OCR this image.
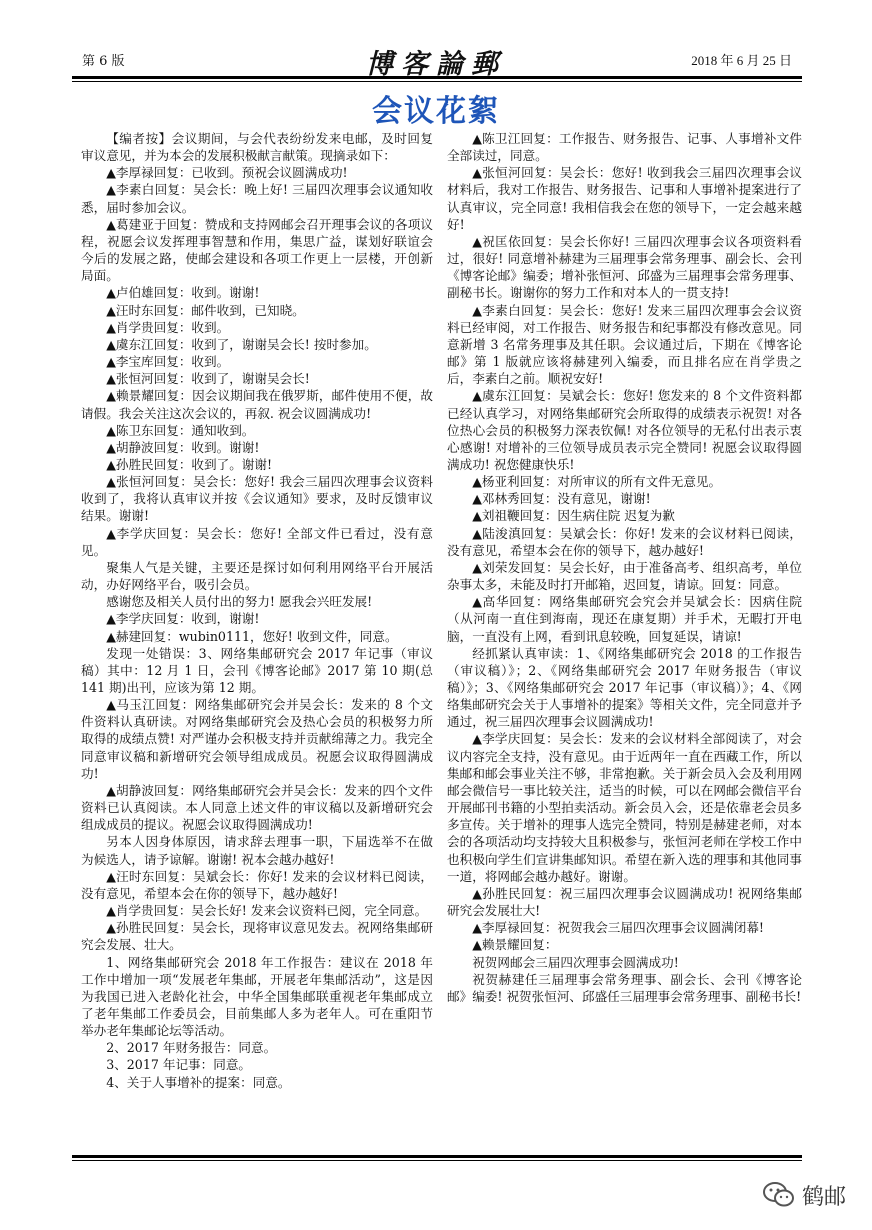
第 6 版	博客論郵	2018 年 6 月 25 日
会议花絮

【编者按】会议期间，与会代表纷纷发来电邮，及时回复审议意见，并为本会的发展积极献言献策。现摘录如下：

▲李厚禄回复：已收到。预祝会议圆满成功!

▲李素白回复：吴会长：晚上好! 三届四次理事会议通知收悉，届时参加会议。

▲葛建亚于回复：赞成和支持网邮会召开理事会议的各项议程，祝愿会议发挥理事智慧和作用，集思广益，谋划好联谊会今后的发展之路，使邮会建设和各项工作更上一层楼，开创新局面。

▲卢伯雄回复：收到。谢谢!

▲汪时东回复：邮件收到，已知晓。

▲肖学贵回复：收到。

▲虞东江回复：收到了，谢谢吴会长! 按时参加。

▲李宝库回复：收到。

▲张恒河回复：收到了，谢谢吴会长!

▲赖景耀回复：因会议期间我在俄罗斯，邮件使用不便，故请假。我会关注这次会议的，再叙. 祝会议圆满成功!

▲陈卫东回复：通知收到。

▲胡静波回复：收到。谢谢!

▲孙胜民回复：收到了。谢谢!

▲张恒河回复：吴会长：您好! 我会三届四次理事会议资料收到了，我将认真审议并按《会议通知》要求，及时反馈审议结果。谢谢!

▲李学庆回复：吴会长：您好! 全部文件已看过，没有意见。

聚集人气是关键，主要还是探讨如何利用网络平台开展活动，办好网络平台，吸引会员。

感谢您及相关人员付出的努力! 愿我会兴旺发展!

▲李学庆回复：收到，谢谢!

▲赫建回复：wubin0111，您好! 收到文件，同意。

发现一处错误：3、网络集邮研究会 2017 年记事（审议稿）其中：12 月 1 日，会刊《博客论邮》2017 第 10 期(总 141 期)出刊，应该为第 12 期。

▲马玉江回复：网络集邮研究会并吴会长：发来的 8 个文件资料认真研读。对网络集邮研究会及热心会员的积极努力所取得的成绩点赞! 对严谨办会积极支持并贡献绵薄之力。我完全同意审议稿和新增研究会领导组成成员。祝愿会议取得圆满成功!

▲胡静波回复：网络集邮研究会并吴会长：发来的四个文件资料已认真阅读。本人同意上述文件的审议稿以及新增研究会组成成员的提议。祝愿会议取得圆满成功!

另本人因身体原因，请求辞去理事一职，下届选举不在做为候选人，请予谅解。谢谢! 祝本会越办越好!

▲汪时东回复：吴斌会长：你好! 发来的会议材料已阅读，没有意见，希望本会在你的领导下，越办越好!

▲肖学贵回复：吴会长好! 发来会议资料已阅，完全同意。

▲孙胜民回复：吴会长，现将审议意见发去。祝网络集邮研究会发展、壮大。

1、网络集邮研究会 2018 年工作报告：建议在 2018 年工作中增加一项“发展老年集邮，开展老年集邮活动”，这是因为我国已进入老龄化社会，中华全国集邮联重视老年集邮成立了老年集邮工作委员会，目前集邮人多为老年人。可在重阳节举办老年集邮论坛等活动。

2、2017 年财务报告：同意。

3、2017 年记事：同意。

4、关于人事增补的提案：同意。

▲陈卫江回复：工作报告、财务报告、记事、人事增补文件全部读过，同意。

▲张恒河回复：吴会长：您好! 收到我会三届四次理事会议材料后，我对工作报告、财务报告、记事和人事增补提案进行了认真审议，完全同意! 我相信我会在您的领导下，一定会越来越好!

▲祝匡依回复：吴会长你好! 三届四次理事会议各项资料看过，很好! 同意增补赫建为三届理事会常务理事、副会长、会刊《博客论邮》编委；增补张恒河、邱盛为三届理事会常务理事、副秘书长。谢谢你的努力工作和对本人的一贯支持!

▲李素白回复：吴会长：您好! 发来三届四次理事会会议资料已经审阅，对工作报告、财务报告和纪事都没有修改意见。同意新增 3 名常务理事及其任职。会议通过后，下期在《博客论邮》第 1 版就应该将赫建列入编委，而且排名应在肖学贵之后，李素白之前。顺祝安好!

▲虞东江回复：吴斌会长：您好! 您发来的 8 个文件资料都已经认真学习，对网络集邮研究会所取得的成绩表示祝贺! 对各位热心会员的积极努力深表钦佩! 对各位领导的无私付出表示衷心感谢! 对增补的三位领导成员表示完全赞同! 祝愿会议取得圆满成功! 祝您健康快乐!

▲杨亚利回复：对所审议的所有文件无意见。

▲邓林秀回复：没有意见，谢谢!

▲刘祖鞭回复：因生病住院 迟复为歉

▲陆浚滇回复：吴斌会长：你好! 发来的会议材料已阅读，没有意见，希望本会在你的领导下，越办越好!

▲刘荣发回复：吴会长好，由于准备高考、组织高考，单位杂事太多，未能及时打开邮箱，迟回复，请谅。回复：同意。

▲高华回复：网络集邮研究会究会并吴斌会长：因病住院（从河南一直住到海南，现还在康复期）并手术，无暇打开电脑，一直没有上网，看到讯息较晚，回复延误，请谅!

经抓紧认真审读：1、《网络集邮研究会 2018 的工作报告（审议稿）》；2、《网络集邮研究会 2017 年财务报告（审议稿）》；3、《网络集邮研究会 2017 年记事（审议稿）》；4、《网络集邮研究会关于人事增补的提案》等相关文件，完全同意并予通过，祝三届四次理事会议圆满成功!

▲李学庆回复：吴会长：发来的会议材料全部阅读了，对会议内容完全支持，没有意见。由于近两年一直在西藏工作，所以集邮和邮会事业关注不够，非常抱歉。关于新会员入会及利用网邮会微信号一事比较关注，适当的时候，可以在网邮会微信平台开展邮刊书籍的小型拍卖活动。新会员入会，还是依靠老会员多多宣传。关于增补的理事人选完全赞同，特别是赫建老师，对本会的各项活动均支持较大且积极参与，张恒河老师在学校工作中也积极向学生们宣讲集邮知识。希望在新入选的理事和其他同事一道，将网邮会越办越好。谢谢。

▲孙胜民回复：祝三届四次理事会议圆满成功! 祝网络集邮研究会发展壮大!

▲李厚禄回复：祝贺我会三届四次理事会议圆满闭幕!

▲赖景耀回复：

祝贺网邮会三届四次理事会圆满成功!

祝贺赫建任三届理事会常务理事、副会长、会刊《博客论邮》编委! 祝贺张恒河、邱盛任三届理事会常务理事、副秘书长!

鹤邮
